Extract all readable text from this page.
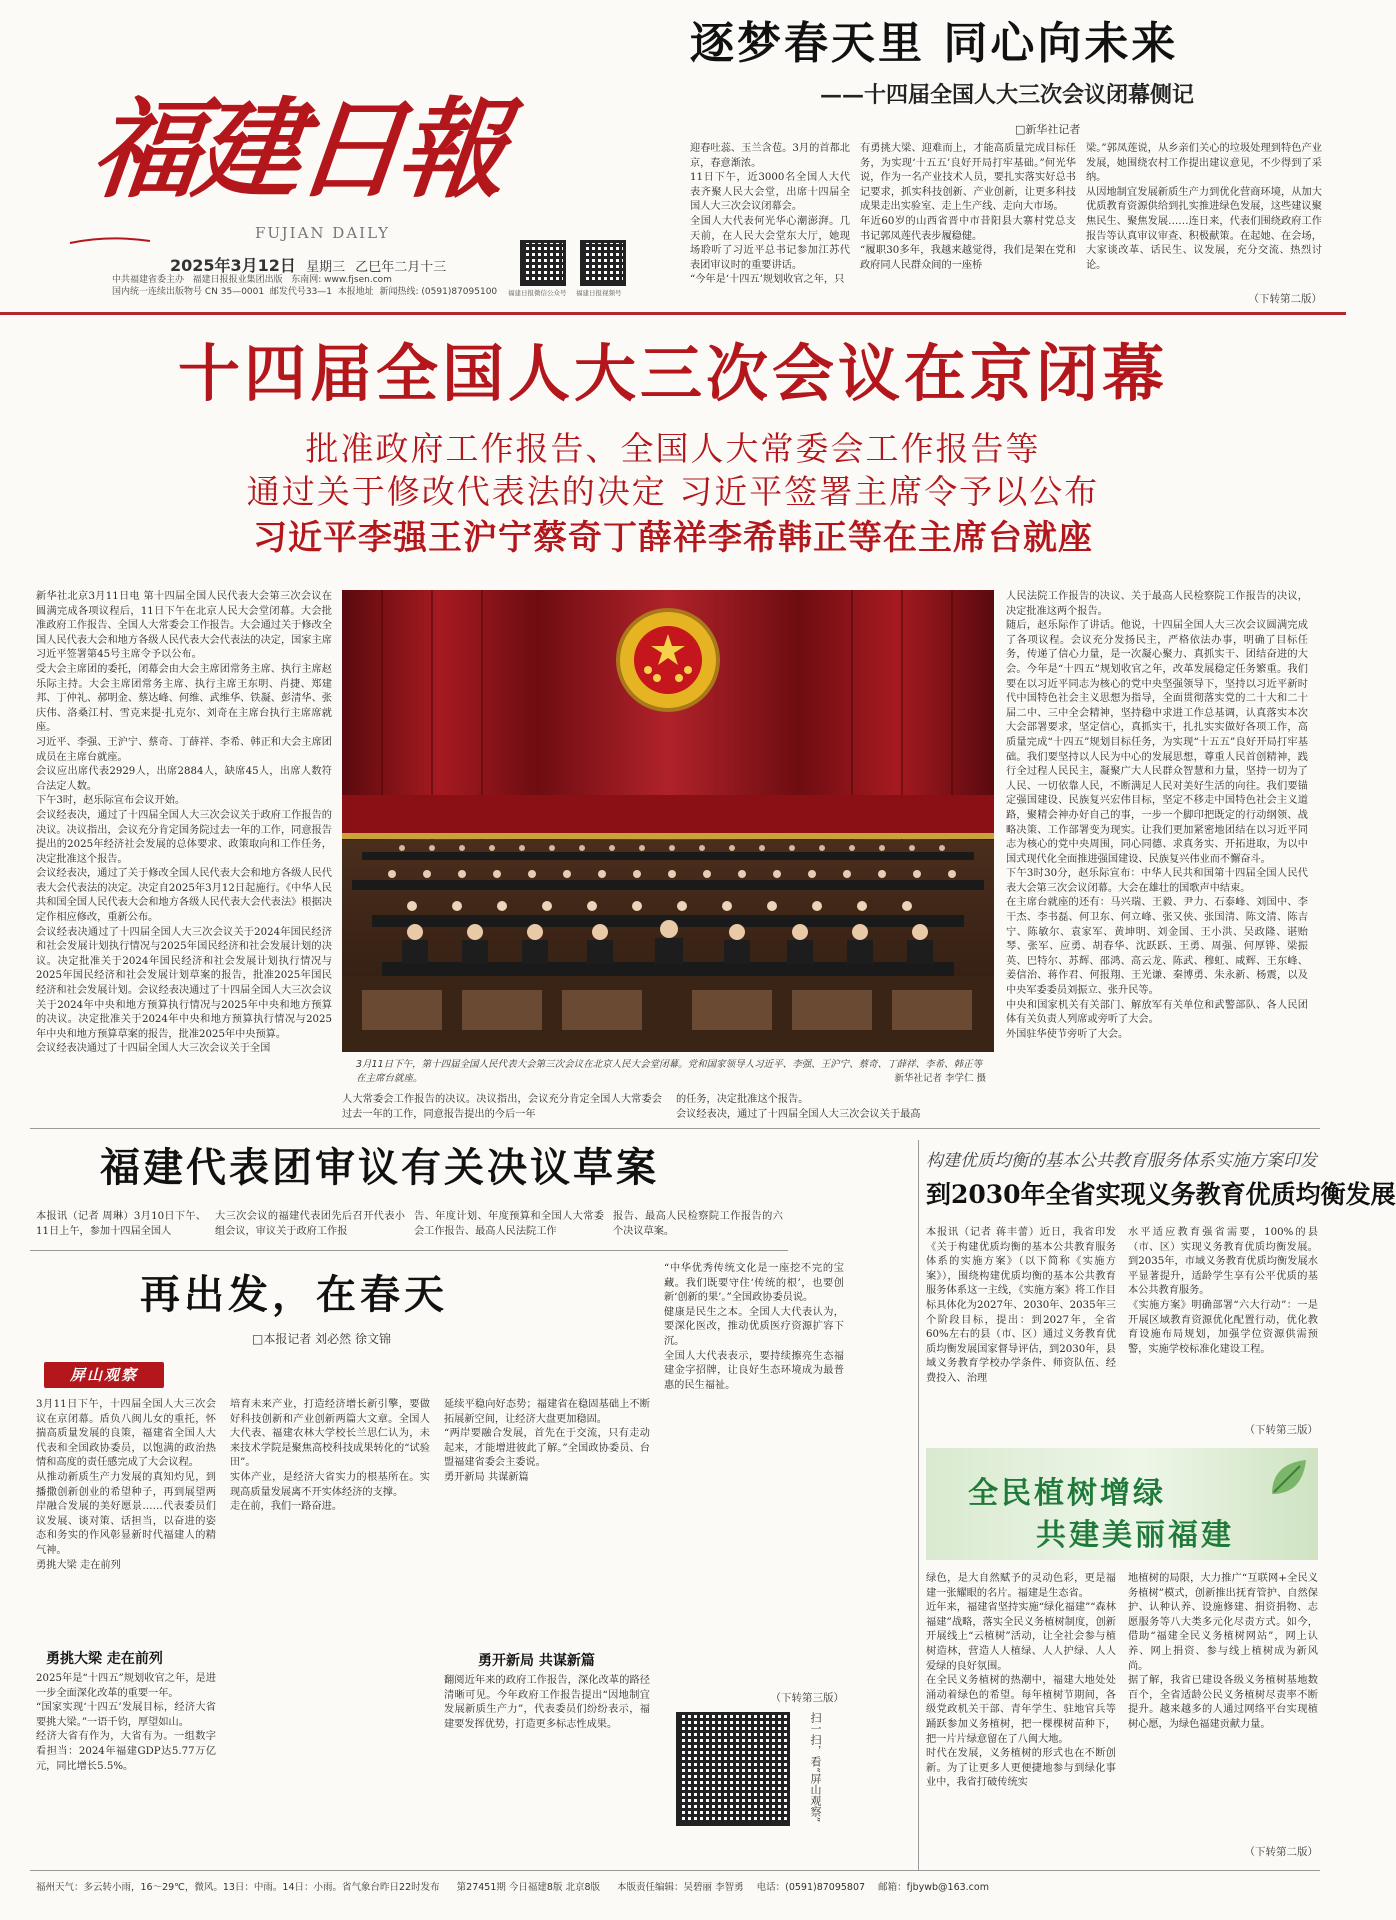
福建日報
FUJIAN DAILY
2025年3月12日 星期三 乙巳年二月十三
中共福建省委主办 福建日报报业集团出版 东南网: www.fjsen.com
国内统一连续出版物号 CN 35—0001 邮发代号33—1 本报地址 新闻热线: (0591)87095100	福建日报微信公众号 福建日报视频号
逐梦春天里 同心向未来
——十四届全国人大三次会议闭幕侧记
□新华社记者
迎春吐蕊、玉兰含苞。3月的首都北京，春意渐浓。
11日下午，近3000名全国人大代表齐聚人民大会堂，出席十四届全国人大三次会议闭幕会。
全国人大代表何光华心潮澎湃。几天前，在人民大会堂东大厅，她现场聆听了习近平总书记参加江苏代表团审议时的重要讲话。
“今年是‘十四五’规划收官之年，只
有勇挑大梁、迎难而上，才能高质量完成目标任务，为实现‘十五五’良好开局打牢基础。”何光华说，作为一名产业技术人员，要扎实落实好总书记要求，抓实科技创新、产业创新，让更多科技成果走出实验室、走上生产线、走向大市场。
年近60岁的山西省晋中市昔阳县大寨村党总支书记郭凤莲代表步履稳健。
“履职30多年，我越来越觉得，我们是架在党和政府同人民群众间的一座桥
梁。”郭凤莲说，从乡亲们关心的垃圾处理到特色产业发展，她围绕农村工作提出建议意见，不少得到了采纳。
从因地制宜发展新质生产力到优化营商环境，从加大优质教育资源供给到扎实推进绿色发展，这些建议聚焦民生、聚焦发展……连日来，代表们围绕政府工作报告等认真审议审查、积极献策。在起她、在会场，大家谈改革、话民生、议发展，充分交流、热烈讨论。
（下转第二版）
十四届全国人大三次会议在京闭幕
批准政府工作报告、全国人大常委会工作报告等
通过关于修改代表法的决定 习近平签署主席令予以公布
习近平李强王沪宁蔡奇丁薛祥李希韩正等在主席台就座
新华社北京3月11日电 第十四届全国人民代表大会第三次会议在圆满完成各项议程后，11日下午在北京人民大会堂闭幕。大会批准政府工作报告、全国人大常委会工作报告。大会通过关于修改全国人民代表大会和地方各级人民代表大会代表法的决定，国家主席习近平签署第45号主席令予以公布。
受大会主席团的委托，闭幕会由大会主席团常务主席、执行主席赵乐际主持。大会主席团常务主席、执行主席王东明、肖捷、郑建邦、丁仲礼、郝明金、蔡达峰、何维、武维华、铁凝、彭清华、张庆伟、洛桑江村、雪克来提·扎克尔、刘奇在主席台执行主席席就座。
习近平、李强、王沪宁、蔡奇、丁薛祥、李希、韩正和大会主席团成员在主席台就座。
会议应出席代表2929人，出席2884人，缺席45人，出席人数符合法定人数。
下午3时，赵乐际宣布会议开始。
会议经表决，通过了十四届全国人大三次会议关于政府工作报告的决议。决议指出，会议充分肯定国务院过去一年的工作，同意报告提出的2025年经济社会发展的总体要求、政策取向和工作任务，决定批准这个报告。
会议经表决，通过了关于修改全国人民代表大会和地方各级人民代表大会代表法的决定。决定自2025年3月12日起施行。《中华人民共和国全国人民代表大会和地方各级人民代表大会代表法》根据决定作相应修改，重新公布。
会议经表决通过了十四届全国人大三次会议关于2024年国民经济和社会发展计划执行情况与2025年国民经济和社会发展计划的决议。决定批准关于2024年国民经济和社会发展计划执行情况与2025年国民经济和社会发展计划草案的报告，批准2025年国民经济和社会发展计划。会议经表决通过了十四届全国人大三次会议关于2024年中央和地方预算执行情况与2025年中央和地方预算的决议。决定批准关于2024年中央和地方预算执行情况与2025年中央和地方预算草案的报告，批准2025年中央预算。
会议经表决通过了十四届全国人大三次会议关于全国
3月11日下午，第十四届全国人民代表大会第三次会议在北京人民大会堂闭幕。党和国家领导人习近平、李强、王沪宁、蔡奇、丁薛祥、李希、韩正等在主席台就座。	新华社记者 李学仁 摄
人大常委会工作报告的决议。决议指出，会议充分肯定全国人大常委会过去一年的工作，同意报告提出的今后一年
的任务，决定批准这个报告。
会议经表决，通过了十四届全国人大三次会议关于最高
人民法院工作报告的决议、关于最高人民检察院工作报告的决议，决定批准这两个报告。
随后，赵乐际作了讲话。他说，十四届全国人大三次会议圆满完成了各项议程。会议充分发扬民主，严格依法办事，明确了目标任务，传递了信心力量，是一次凝心聚力、真抓实干、团结奋进的大会。今年是“十四五”规划收官之年，改革发展稳定任务繁重。我们要在以习近平同志为核心的党中央坚强领导下，坚持以习近平新时代中国特色社会主义思想为指导，全面贯彻落实党的二十大和二十届二中、三中全会精神，坚持稳中求进工作总基调，认真落实本次大会部署要求，坚定信心，真抓实干，扎扎实实做好各项工作，高质量完成“十四五”规划目标任务，为实现“十五五”良好开局打牢基础。我们要坚持以人民为中心的发展思想，尊重人民首创精神，践行全过程人民民主，凝聚广大人民群众智慧和力量，坚持一切为了人民、一切依靠人民，不断满足人民对美好生活的向往。我们要锚定强国建设、民族复兴宏伟目标，坚定不移走中国特色社会主义道路，聚精会神办好自己的事，一步一个脚印把既定的行动纲领、战略决策、工作部署变为现实。让我们更加紧密地团结在以习近平同志为核心的党中央周围，同心同德、求真务实、开拓进取，为以中国式现代化全面推进强国建设、民族复兴伟业而不懈奋斗。
下午3时30分，赵乐际宣布：中华人民共和国第十四届全国人民代表大会第三次会议闭幕。大会在雄壮的国歌声中结束。
在主席台就座的还有：马兴瑞、王毅、尹力、石泰峰、刘国中、李干杰、李书磊、何卫东、何立峰、张又侠、张国清、陈文清、陈吉宁、陈敏尔、袁家军、黄坤明、刘金国、王小洪、吴政隆、谌贻琴、张军、应勇、胡春华、沈跃跃、王勇、周强、何厚铧、梁振英、巴特尔、苏辉、邵鸿、高云龙、陈武、穆虹、咸辉、王东峰、姜信治、蒋作君、何报翔、王光谦、秦博勇、朱永新、杨震，以及中央军委委员刘振立、张升民等。
中央和国家机关有关部门、解放军有关单位和武警部队、各人民团体有关负责人列席或旁听了大会。
外国驻华使节旁听了大会。
福建代表团审议有关决议草案
本报讯（记者 周琳）3月10日下午、11日上午，参加十四届全国人
大三次会议的福建代表团先后召开代表小组会议，审议关于政府工作报
告、年度计划、年度预算和全国人大常委会工作报告、最高人民法院工作
报告、最高人民检察院工作报告的六个决议草案。
再出发，在春天
□本报记者 刘必然 徐文锦
屏山观察
3月11日下午，十四届全国人大三次会议在京闭幕。盾负八闽儿女的重托，怀揣高质量发展的良策，福建省全国人大代表和全国政协委员，以饱满的政治热情和高度的责任感完成了大会议程。
从推动新质生产力发展的真知灼见，到播撒创新创业的希望种子，再到展望两岸融合发展的美好愿景……代表委员们议发展、谈对策、话担当，以奋进的姿态和务实的作风彰显新时代福建人的精气神。
勇挑大梁 走在前列
勇挑大梁 走在前列
2025年是“十四五”规划收官之年，是进一步全面深化改革的重要一年。
“国家实现‘十四五’发展目标，经济大省要挑大梁。”一语千钧，厚望如山。
经济大省有作为，大省有为。一组数字看担当：2024年福建GDP达5.77万亿元，同比增长5.5%。
培育未来产业，打造经济增长新引擎，要做好科技创新和产业创新两篇大文章。全国人大代表、福建农林大学校长兰思仁认为，未来技术学院是聚焦高校科技成果转化的“试验田”。
实体产业，是经济大省实力的根基所在。实现高质量发展离不开实体经济的支撑。
走在前，我们一路奋进。
延续平稳向好态势；福建省在稳固基础上不断拓展新空间，让经济大盘更加稳固。
“两岸要融合发展，首先在于交流，只有走动起来，才能增进彼此了解。”全国政协委员、台盟福建省委会主委说。
勇开新局 共谋新篇
勇开新局 共谋新篇
翻阅近年来的政府工作报告，深化改革的路径清晰可见。今年政府工作报告提出“因地制宜发展新质生产力”，代表委员们纷纷表示，福建要发挥优势，打造更多标志性成果。
“中华优秀传统文化是一座挖不完的宝藏。我们既要守住‘传统的根’，也要创新‘创新的果’。”全国政协委员说。
健康是民生之本。全国人大代表认为，要深化医改，推动优质医疗资源扩容下沉。
全国人大代表表示，要持续擦亮生态福建金字招牌，让良好生态环境成为最普惠的民生福祉。
（下转第三版）
扫一扫，看“屏山观察”
构建优质均衡的基本公共教育服务体系实施方案印发
到2030年全省实现义务教育优质均衡发展
本报讯（记者 蒋丰蕾）近日，我省印发《关于构建优质均衡的基本公共教育服务体系的实施方案》（以下简称《实施方案》），围绕构建优质均衡的基本公共教育服务体系这一主线，《实施方案》将工作目标具体化为2027年、2030年、2035年三个阶段目标，提出：到2027年，全省60%左右的县（市、区）通过义务教育优质均衡发展国家督导评估，到2030年，县域义务教育学校办学条件、师资队伍、经费投入、治理
水平适应教育强省需要，100%的县（市、区）实现义务教育优质均衡发展。到2035年，市域义务教育优质均衡发展水平显著提升，适龄学生享有公平优质的基本公共教育服务。
《实施方案》明确部署“六大行动”：一是开展区域教育资源优化配置行动，优化教育设施布局规划，加强学位资源供需预警，实施学校标准化建设工程。
（下转第三版）
全民植树增绿
共建美丽福建
绿色，是大自然赋予的灵动色彩，更是福建一张耀眼的名片。福建是生态省。
近年来，福建省坚持实施“绿化福建”“森林福建”战略，落实全民义务植树制度，创新开展线上“云植树”活动，让全社会参与植树造林，营造人人植绿、人人护绿、人人爱绿的良好氛围。
在全民义务植树的热潮中，福建大地处处涌动着绿色的希望。每年植树节期间，各级党政机关干部、青年学生、驻地官兵等踊跃参加义务植树，把一棵棵树苗种下，把一片片绿意留在了八闽大地。
时代在发展，义务植树的形式也在不断创新。为了让更多人更便捷地参与到绿化事业中，我省打破传统实
地植树的局限，大力推广“互联网+全民义务植树”模式，创新推出抚育管护、自然保护、认种认养、设施修建、捐资捐物、志愿服务等八大类多元化尽责方式。如今，借助“福建全民义务植树网站”，网上认养、网上捐资、参与线上植树成为新风尚。
据了解，我省已建设各级义务植树基地数百个，全省适龄公民义务植树尽责率不断提升。越来越多的人通过网络平台实现植树心愿，为绿色福建贡献力量。
（下转第二版）
福州天气：多云转小雨，16～29℃，微风。13日：中雨。14日：小雨。省气象台昨日22时发布 第27451期 今日福建8版 北京8版 本版责任编辑：吴碧丽 李智勇 电话：(0591)87095807 邮箱：fjbywb@163.com
